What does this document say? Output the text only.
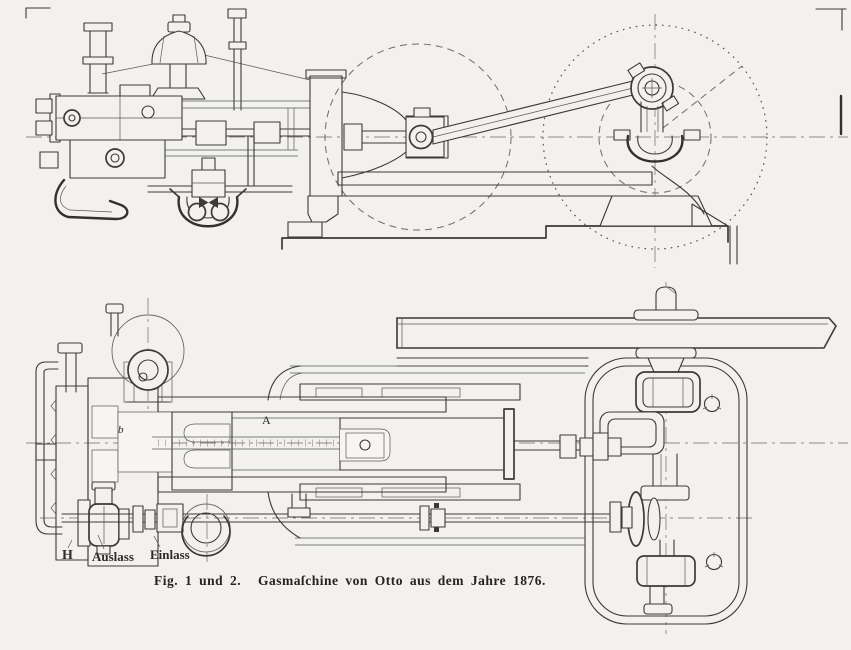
H Auslass Einlass
A
b
Fig. 1 und 2. Gasmaſchine von Otto aus dem Jahre 1876.
